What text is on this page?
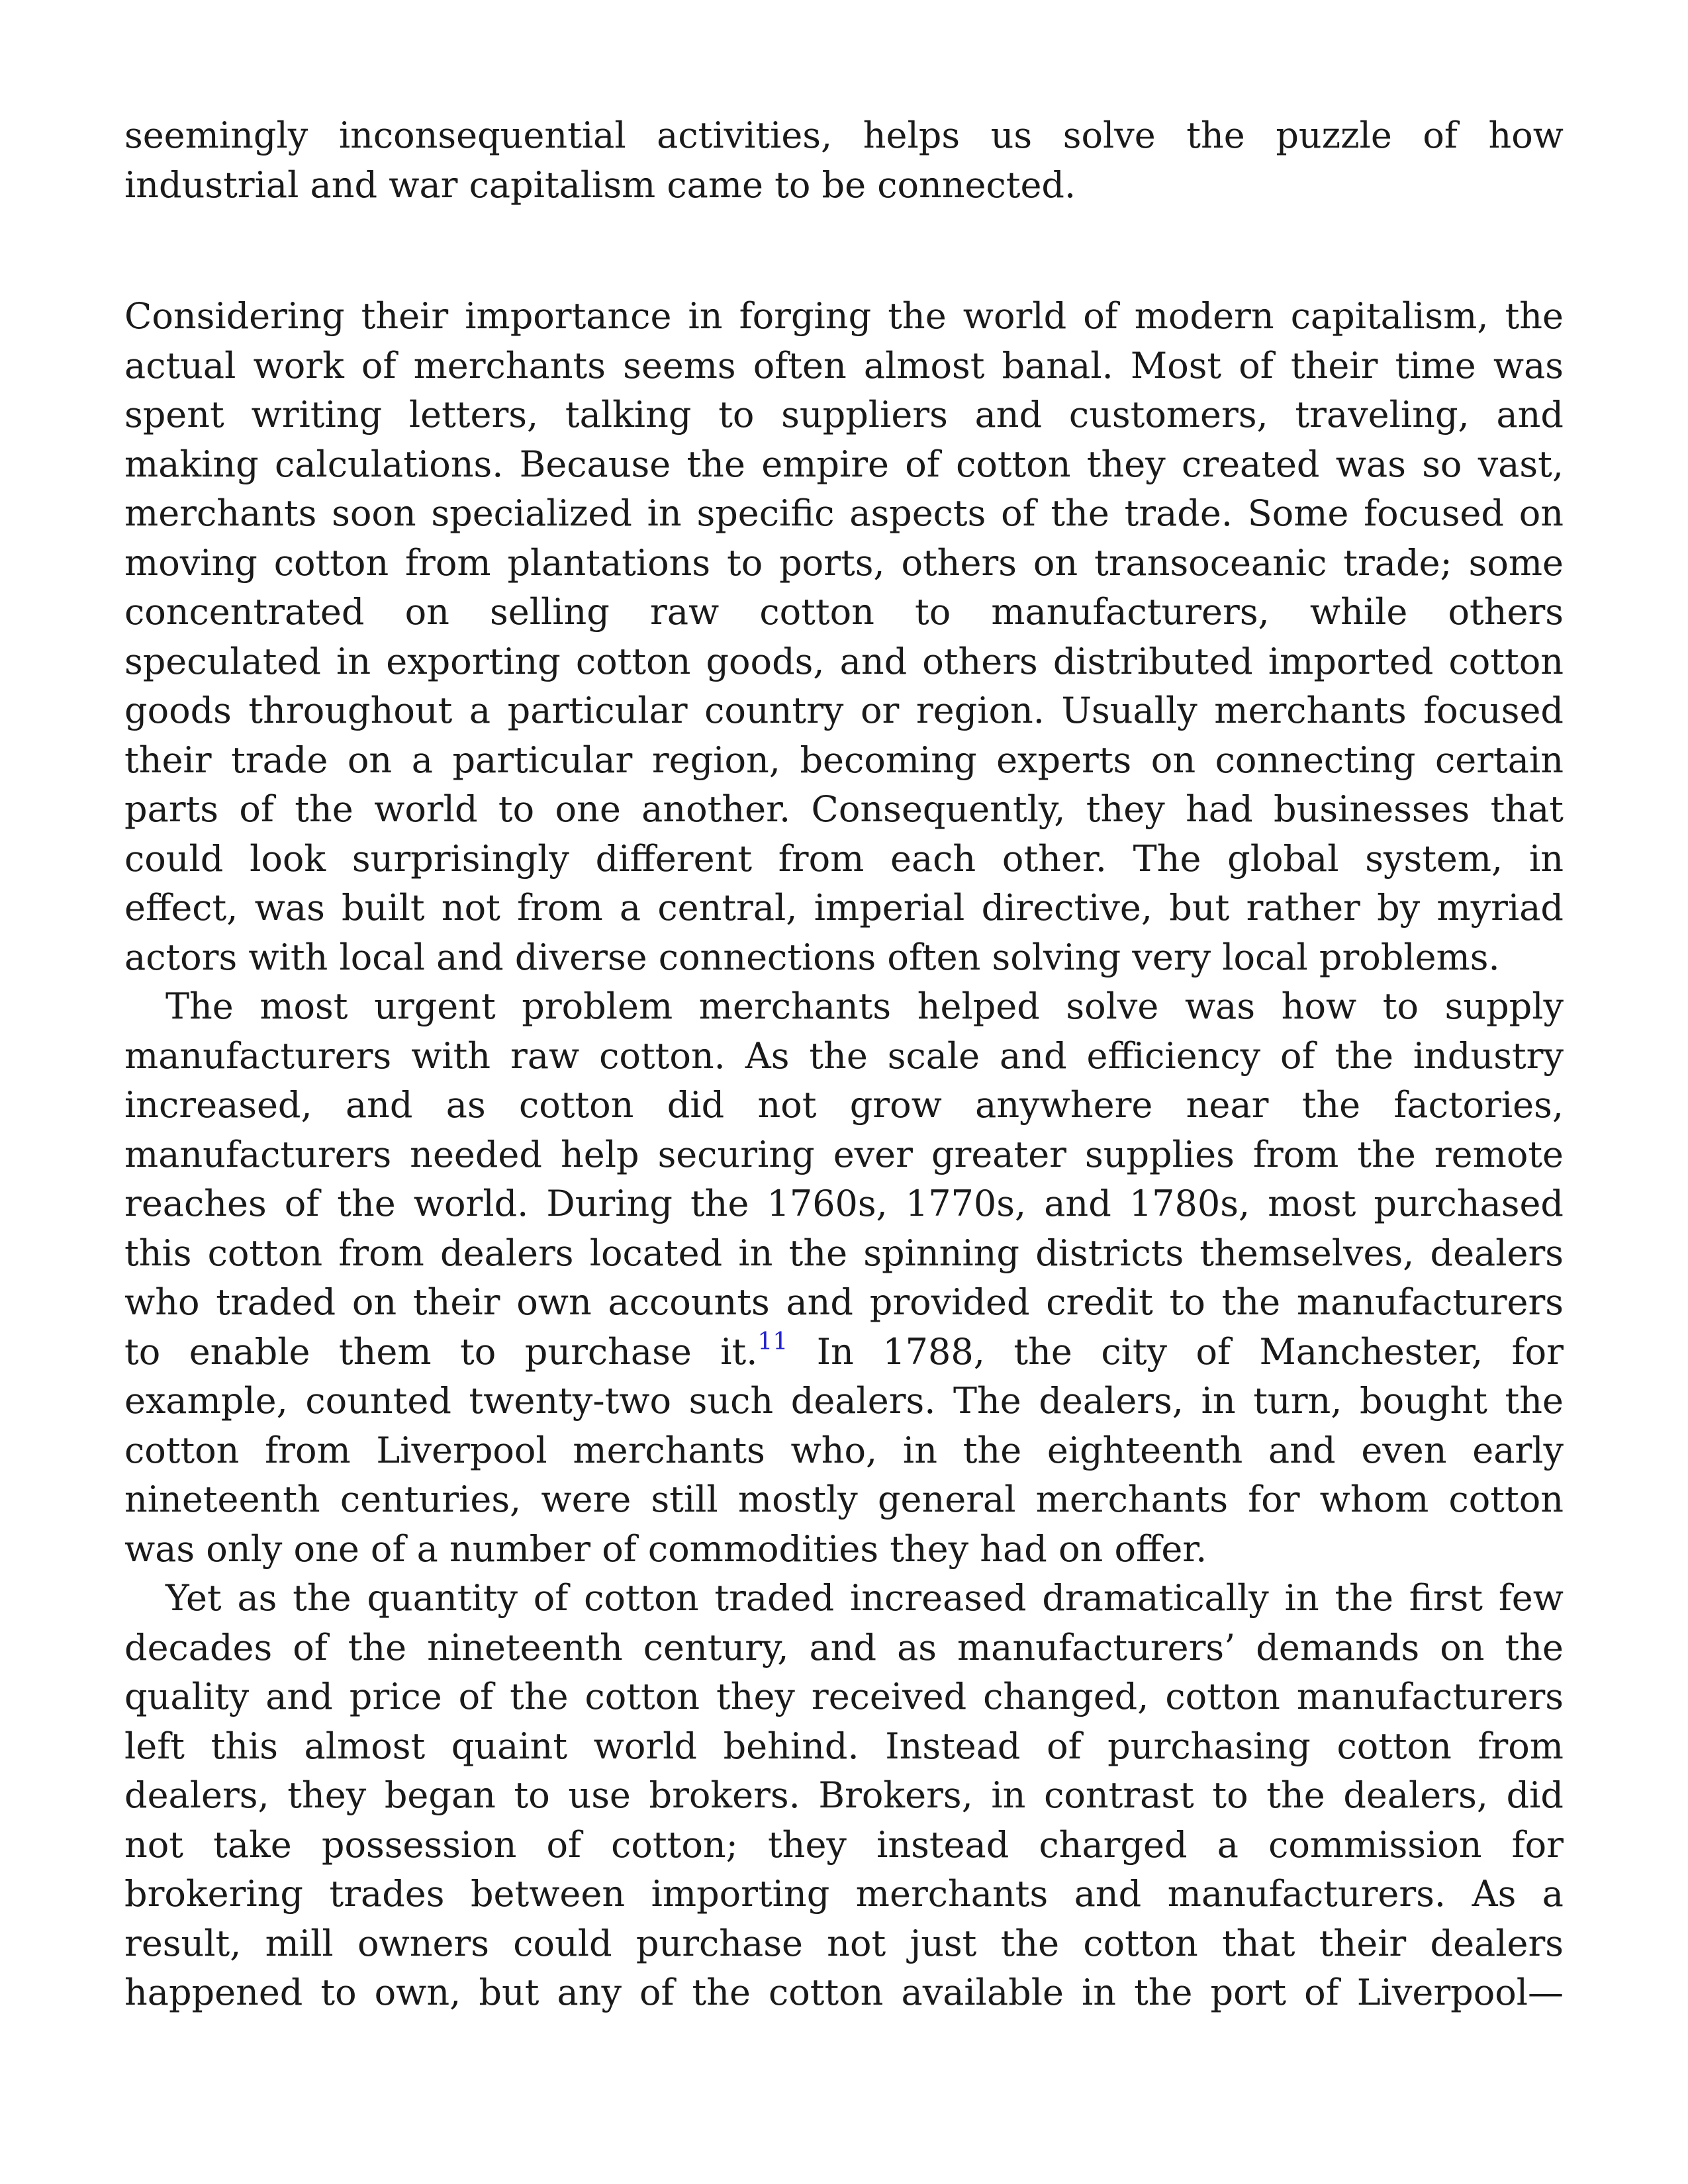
seemingly inconsequential activities, helps us solve the puzzle of how
industrial and war capitalism came to be connected.

Considering their importance in forging the world of modern capitalism, the
actual work of merchants seems often almost banal. Most of their time was
spent writing letters, talking to suppliers and customers, traveling, and
making calculations. Because the empire of cotton they created was so vast,
merchants soon specialized in specific aspects of the trade. Some focused on
moving cotton from plantations to ports, others on transoceanic trade; some
concentrated on selling raw cotton to manufacturers, while others
speculated in exporting cotton goods, and others distributed imported cotton
goods throughout a particular country or region. Usually merchants focused
their trade on a particular region, becoming experts on connecting certain
parts of the world to one another. Consequently, they had businesses that
could look surprisingly different from each other. The global system, in
effect, was built not from a central, imperial directive, but rather by myriad
actors with local and diverse connections often solving very local problems.

The most urgent problem merchants helped solve was how to supply
manufacturers with raw cotton. As the scale and efficiency of the industry
increased, and as cotton did not grow anywhere near the factories,
manufacturers needed help securing ever greater supplies from the remote
reaches of the world. During the 1760s, 1770s, and 1780s, most purchased
this cotton from dealers located in the spinning districts themselves, dealers
who traded on their own accounts and provided credit to the manufacturers
to enable them to purchase it.$^{11}$ In 1788, the city of Manchester, for
example, counted twenty-two such dealers. The dealers, in turn, bought the
cotton from Liverpool merchants who, in the eighteenth and even early
nineteenth centuries, were still mostly general merchants for whom cotton
was only one of a number of commodities they had on offer.

Yet as the quantity of cotton traded increased dramatically in the first few
decades of the nineteenth century, and as manufacturers’ demands on the
quality and price of the cotton they received changed, cotton manufacturers
left this almost quaint world behind. Instead of purchasing cotton from
dealers, they began to use brokers. Brokers, in contrast to the dealers, did
not take possession of cotton; they instead charged a commission for
brokering trades between importing merchants and manufacturers. As a
result, mill owners could purchase not just the cotton that their dealers
happened to own, but any of the cotton available in the port of Liverpool—
